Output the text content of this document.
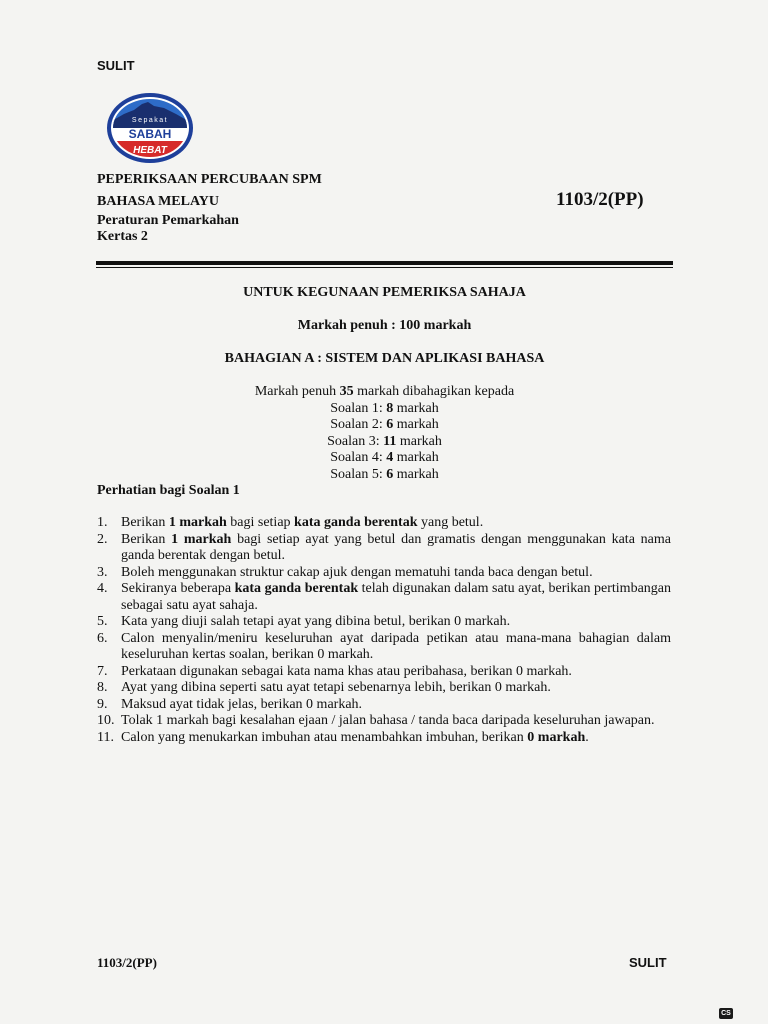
SULIT
Sepakat
SABAH
HEBAT
PEPERIKSAAN PERCUBAAN SPM
BAHASA MELAYU
Peraturan Pemarkahan
Kertas 2
1103/2(PP)
UNTUK KEGUNAAN PEMERIKSA SAHAJA
Markah penuh : 100 markah
BAHAGIAN A : SISTEM DAN APLIKASI BAHASA
Markah penuh 35 markah dibahagikan kepada
Soalan 1: 8 markah
Soalan 2: 6 markah
Soalan 3: 11 markah
Soalan 4: 4 markah
Soalan 5: 6 markah
Perhatian bagi Soalan 1
1. Berikan 1 markah bagi setiap kata ganda berentak yang betul.
2. Berikan 1 markah bagi setiap ayat yang betul dan gramatis dengan menggunakan kata nama ganda berentak dengan betul.
3. Boleh menggunakan struktur cakap ajuk dengan mematuhi tanda baca dengan betul.
4. Sekiranya beberapa kata ganda berentak telah digunakan dalam satu ayat, berikan pertimbangan sebagai satu ayat sahaja.
5. Kata yang diuji salah tetapi ayat yang dibina betul, berikan 0 markah.
6. Calon menyalin/meniru keseluruhan ayat daripada petikan atau mana-mana bahagian dalam keseluruhan kertas soalan, berikan 0 markah.
7. Perkataan digunakan sebagai kata nama khas atau peribahasa, berikan 0 markah.
8. Ayat yang dibina seperti satu ayat tetapi sebenarnya lebih, berikan 0 markah.
9. Maksud ayat tidak jelas, berikan 0 markah.
10. Tolak 1 markah bagi kesalahan ejaan / jalan bahasa / tanda baca daripada keseluruhan jawapan.
11. Calon yang menukarkan imbuhan atau menambahkan imbuhan, berikan 0 markah.
1103/2(PP)	SULIT
CS
